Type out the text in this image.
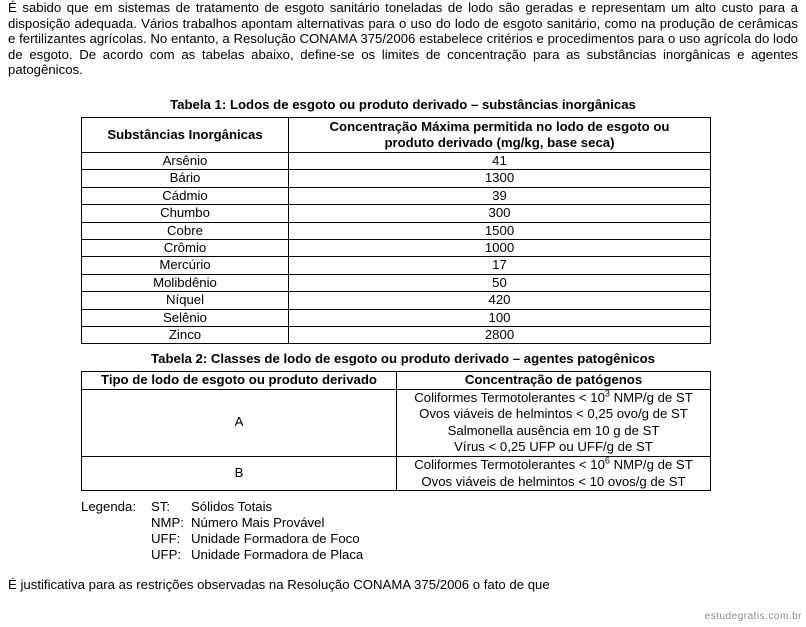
É sabido que em sistemas de tratamento de esgoto sanitário toneladas de lodo são geradas e representam um alto custo para a disposição adequada. Vários trabalhos apontam alternativas para o uso do lodo de esgoto sanitário, como na produção de cerâmicas e fertilizantes agrícolas. No entanto, a Resolução CONAMA 375/2006 estabelece critérios e procedimentos para o uso agrícola do lodo de esgoto. De acordo com as tabelas abaixo, define-se os limites de concentração para as substâncias inorgânicas e agentes patogênicos.

Tabela 1: Lodos de esgoto ou produto derivado – substâncias inorgânicas

Substâncias Inorgânicas	Concentração Máxima permitida no lodo de esgoto ou produto derivado (mg/kg, base seca)
Arsênio	41
Bário	1300
Cádmio	39
Chumbo	300
Cobre	1500
Crômio	1000
Mercúrio	17
Molibdênio	50
Níquel	420
Selênio	100
Zinco	2800

Tabela 2: Classes de lodo de esgoto ou produto derivado – agentes patogênicos

Tipo de lodo de esgoto ou produto derivado	Concentração de patógenos
A	Coliformes Termotolerantes < $10^3$ NMP/g de ST
Ovos viáveis de helmintos < 0,25 ovo/g de ST
Salmonella ausência em 10 g de ST
Vírus < 0,25 UFP ou UFF/g de ST

B	Coliformes Termotolerantes < $10^6$ NMP/g de ST
Ovos viáveis de helmintos < 10 ovos/g de ST
Legenda:	ST:	Sólidos Totais
NMP: Número Mais Provável
UFF: Unidade Formadora de Foco
UFP: Unidade Formadora de Placa

É justificativa para as restrições observadas na Resolução CONAMA 375/2006 o fato de que

estudegratis.com.br
